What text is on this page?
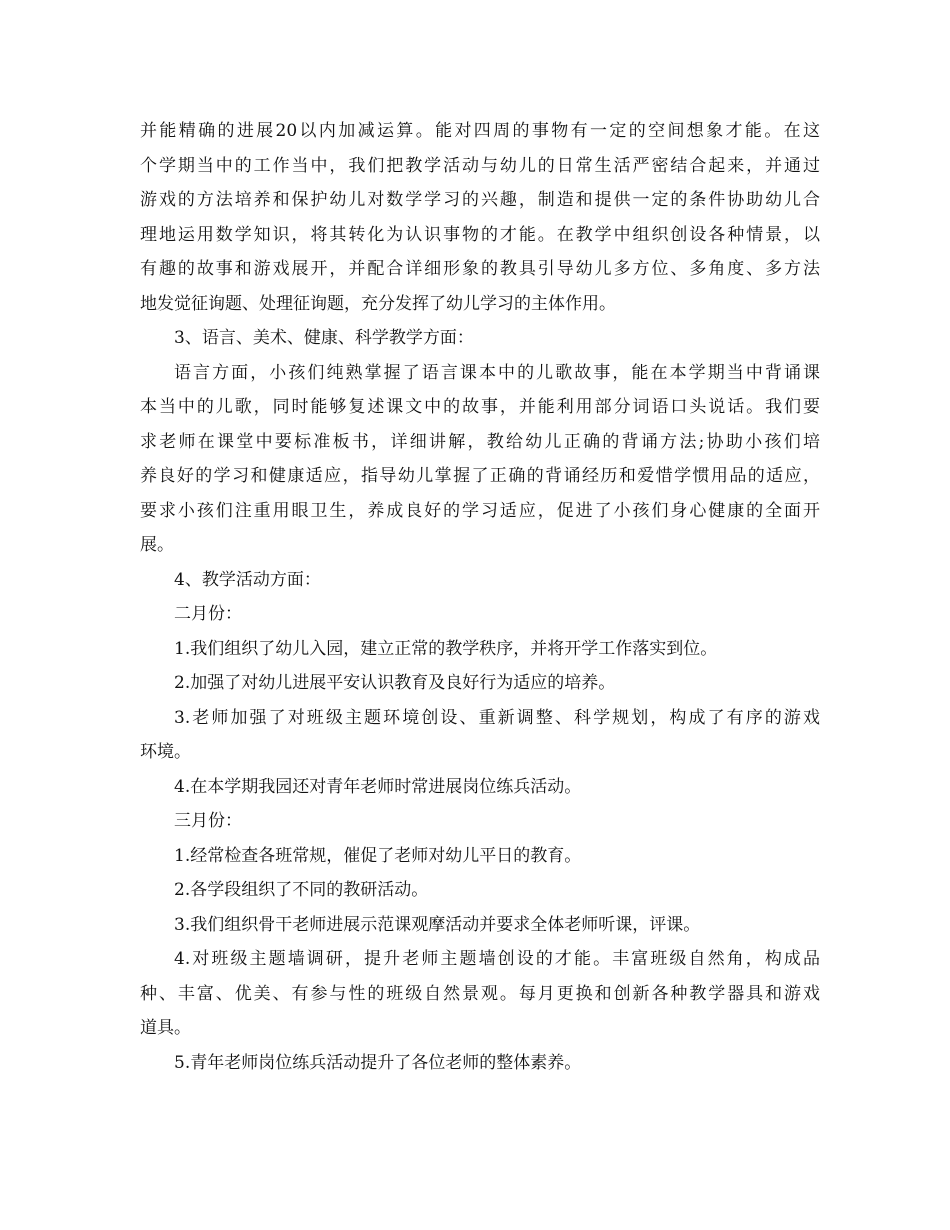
并能精确的进展20以内加减运算。能对四周的事物有一定的空间想象才能。在这
个学期当中的工作当中，我们把教学活动与幼儿的日常生活严密结合起来，并通过
游戏的方法培养和保护幼儿对数学学习的兴趣，制造和提供一定的条件协助幼儿合
理地运用数学知识，将其转化为认识事物的才能。在教学中组织创设各种情景，以
有趣的故事和游戏展开，并配合详细形象的教具引导幼儿多方位、多角度、多方法
地发觉征询题、处理征询题，充分发挥了幼儿学习的主体作用。
3、语言、美术、健康、科学教学方面：
语言方面，小孩们纯熟掌握了语言课本中的儿歌故事，能在本学期当中背诵课
本当中的儿歌，同时能够复述课文中的故事，并能利用部分词语口头说话。我们要
求老师在课堂中要标准板书，详细讲解，教给幼儿正确的背诵方法;协助小孩们培
养良好的学习和健康适应，指导幼儿掌握了正确的背诵经历和爱惜学惯用品的适应，
要求小孩们注重用眼卫生，养成良好的学习适应，促进了小孩们身心健康的全面开
展。
4、教学活动方面：
二月份：
1.我们组织了幼儿入园，建立正常的教学秩序，并将开学工作落实到位。
2.加强了对幼儿进展平安认识教育及良好行为适应的培养。
3.老师加强了对班级主题环境创设、重新调整、科学规划，构成了有序的游戏
环境。
4.在本学期我园还对青年老师时常进展岗位练兵活动。
三月份：
1.经常检查各班常规，催促了老师对幼儿平日的教育。
2.各学段组织了不同的教研活动。
3.我们组织骨干老师进展示范课观摩活动并要求全体老师听课，评课。
4.对班级主题墙调研，提升老师主题墙创设的才能。丰富班级自然角，构成品
种、丰富、优美、有参与性的班级自然景观。每月更换和创新各种教学器具和游戏
道具。
5.青年老师岗位练兵活动提升了各位老师的整体素养。
